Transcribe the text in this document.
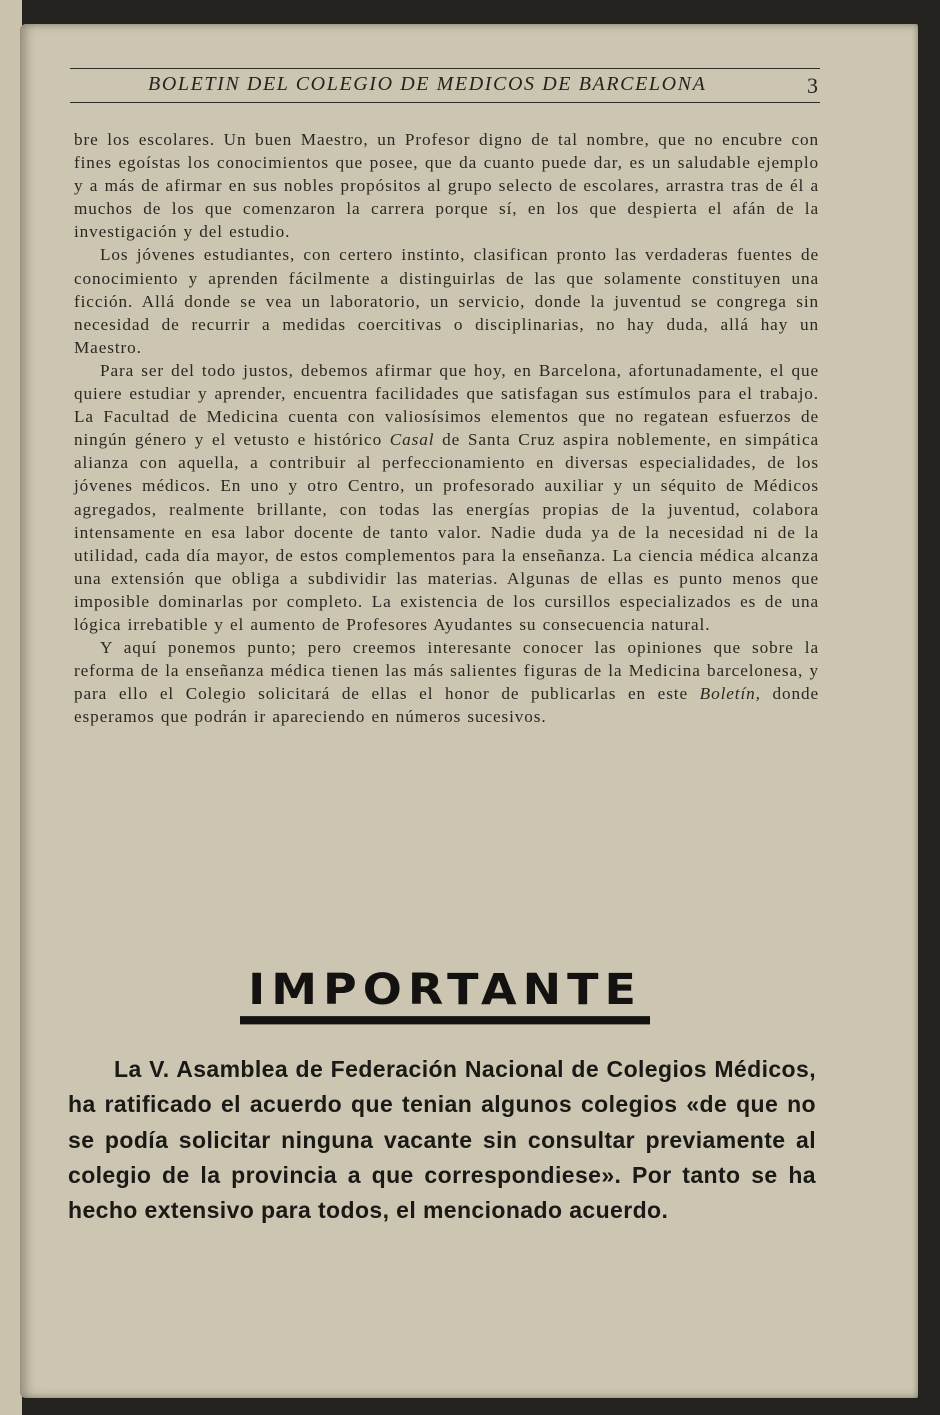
BOLETIN DEL COLEGIO DE MEDICOS DE BARCELONA	3

bre los escolares. Un buen Maestro, un Profesor digno de tal nombre, que no encubre con fines egoístas los conocimientos que posee, que da cuanto puede dar, es un saludable ejemplo y a más de afirmar en sus nobles propósitos al grupo selecto de escolares, arrastra tras de él a muchos de los que comenzaron la carrera porque sí, en los que despierta el afán de la investigación y del estudio.

Los jóvenes estudiantes, con certero instinto, clasifican pronto las verdaderas fuentes de conocimiento y aprenden fácilmente a distinguirlas de las que solamente constituyen una ficción. Allá donde se vea un laboratorio, un servicio, donde la juventud se congrega sin necesidad de recurrir a medidas coercitivas o disciplinarias, no hay duda, allá hay un Maestro.

Para ser del todo justos, debemos afirmar que hoy, en Barcelona, afortunadamente, el que quiere estudiar y aprender, encuentra facilidades que satisfagan sus estímulos para el trabajo. La Facultad de Medicina cuenta con valiosísimos elementos que no regatean esfuerzos de ningún género y el vetusto e histórico Casal de Santa Cruz aspira noblemente, en simpática alianza con aquella, a contribuir al perfeccionamiento en diversas especialidades, de los jóvenes médicos. En uno y otro Centro, un profesorado auxiliar y un séquito de Médicos agregados, realmente brillante, con todas las energías propias de la juventud, colabora intensamente en esa labor docente de tanto valor. Nadie duda ya de la necesidad ni de la utilidad, cada día mayor, de estos complementos para la enseñanza. La ciencia médica alcanza una extensión que obliga a subdividir las materias. Algunas de ellas es punto menos que imposible dominarlas por completo. La existencia de los cursillos especializados es de una lógica irrebatible y el aumento de Profesores Ayudantes su consecuencia natural.

Y aquí ponemos punto; pero creemos interesante conocer las opiniones que sobre la reforma de la enseñanza médica tienen las más salientes figuras de la Medicina barcelonesa, y para ello el Colegio solicitará de ellas el honor de publicarlas en este Boletín, donde esperamos que podrán ir apareciendo en números sucesivos.

IMPORTANTE

La V. Asamblea de Federación Nacional de Colegios Médicos, ha ratificado el acuerdo que tenian algunos colegios «de que no se podía solicitar ninguna vacante sin consultar previamente al colegio de la provincia a que correspondiese». Por tanto se ha hecho extensivo para todos, el mencionado acuerdo.
